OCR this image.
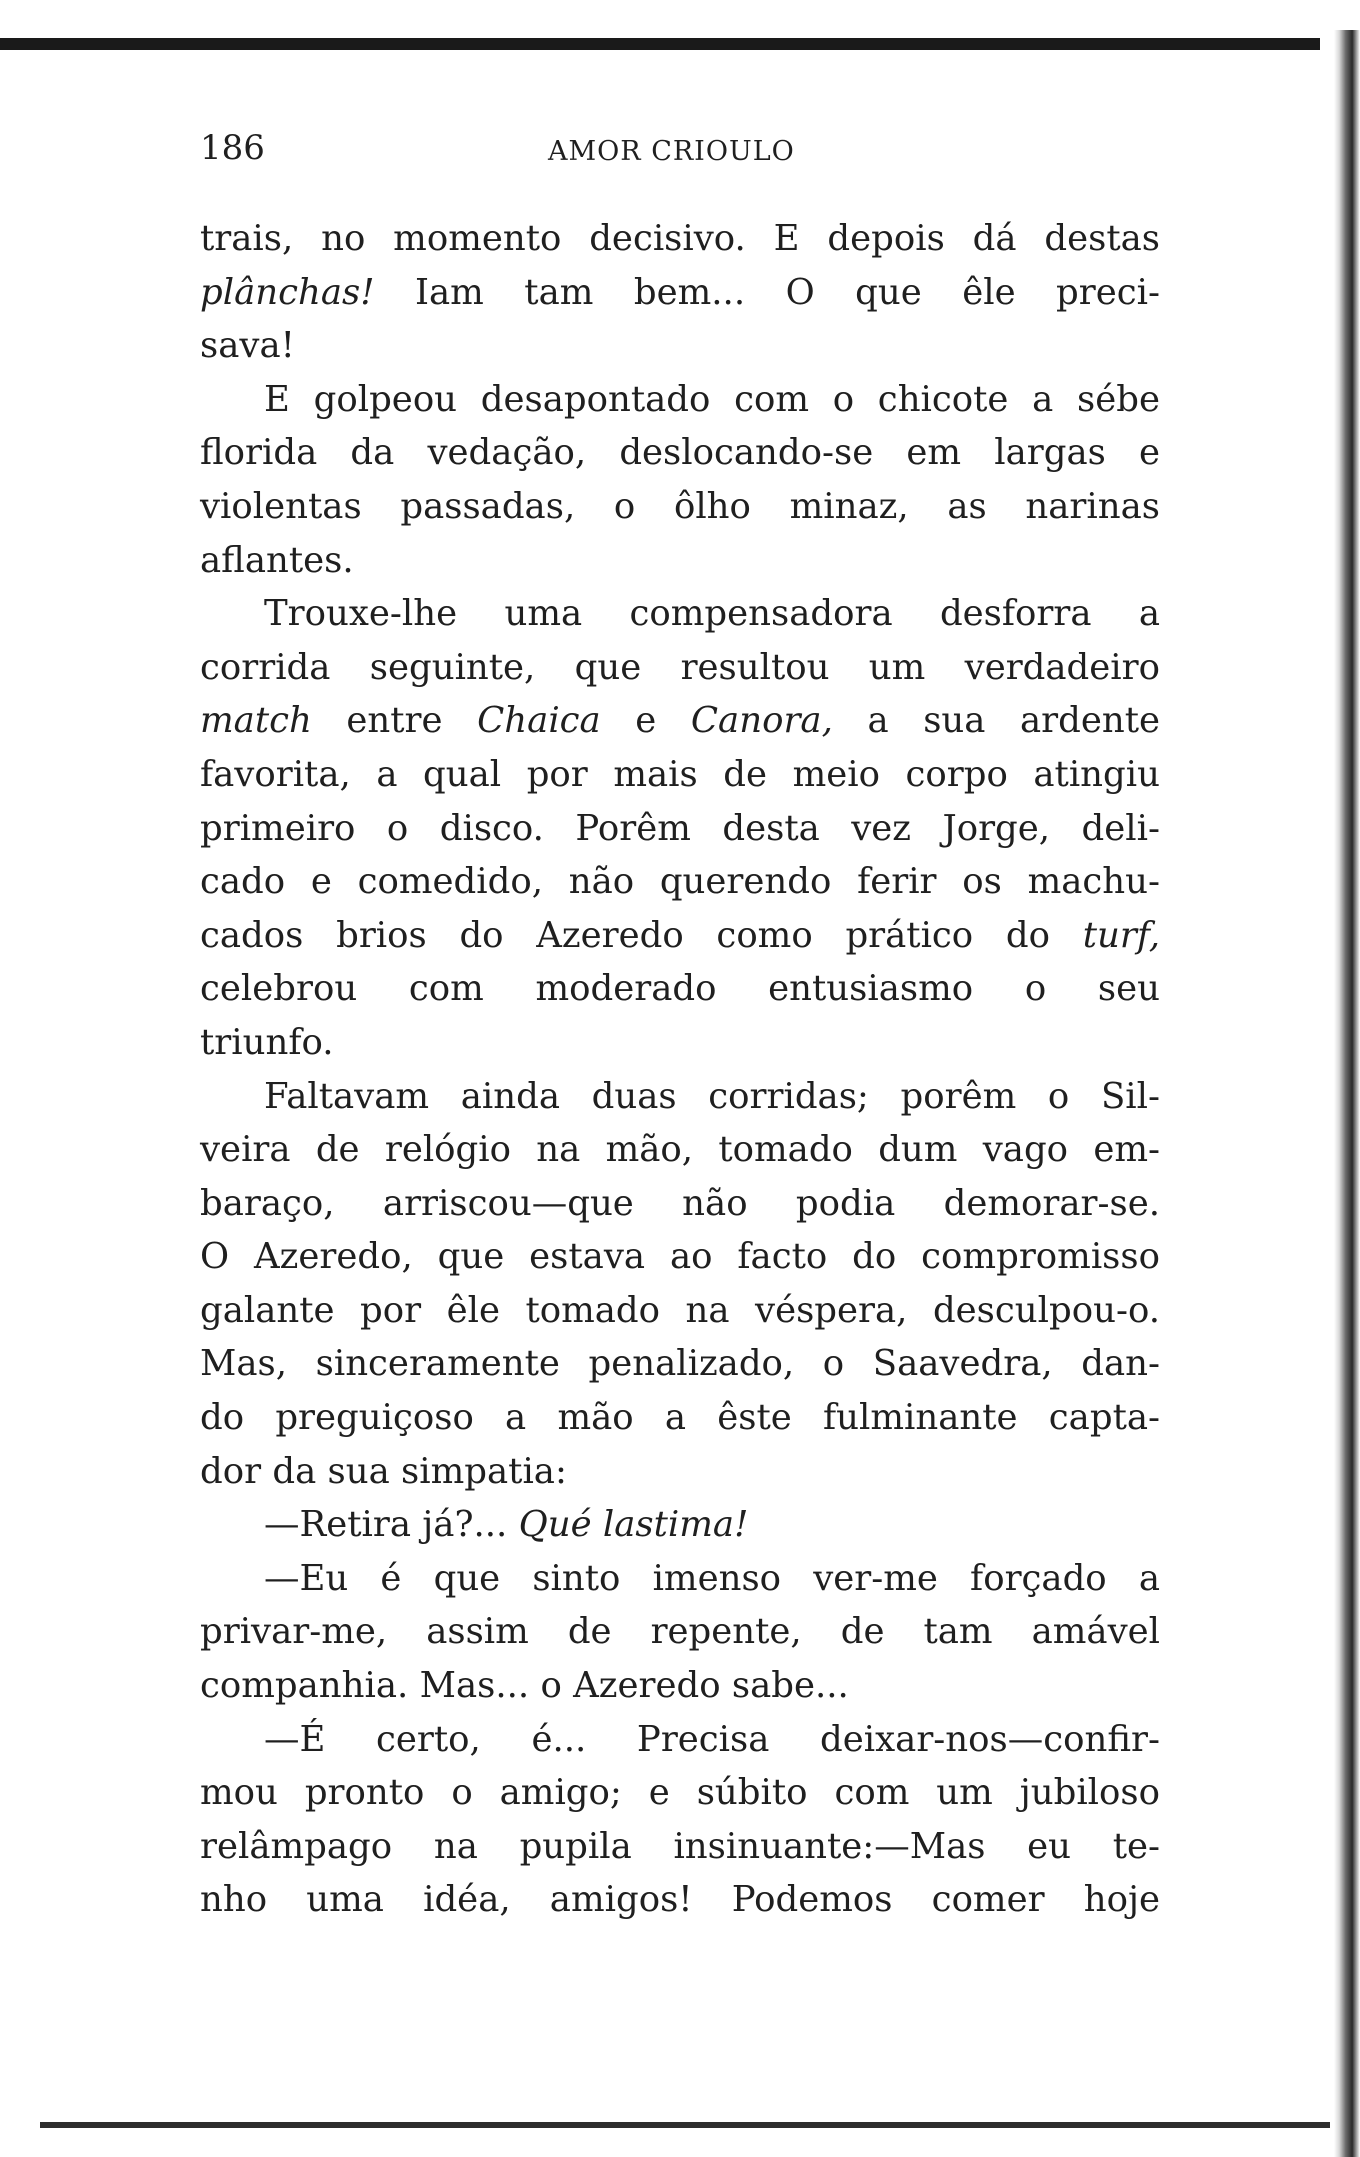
186	AMOR CRIOULO
trais, no momento decisivo. E depois dá destas
plânchas! Iam tam bem... O que êle preci-
sava!
E golpeou desapontado com o chicote a sébe
florida da vedação, deslocando-se em largas e
violentas passadas, o ôlho minaz, as narinas
aflantes.
Trouxe-lhe uma compensadora desforra a
corrida seguinte, que resultou um verdadeiro
match entre Chaica e Canora, a sua ardente
favorita, a qual por mais de meio corpo atingiu
primeiro o disco. Porêm desta vez Jorge, deli-
cado e comedido, não querendo ferir os machu-
cados brios do Azeredo como prático do turf,
celebrou com moderado entusiasmo o seu
triunfo.
Faltavam ainda duas corridas; porêm o Sil-
veira de relógio na mão, tomado dum vago em-
baraço, arriscou—que não podia demorar-se.
O Azeredo, que estava ao facto do compromisso
galante por êle tomado na véspera, desculpou-o.
Mas, sinceramente penalizado, o Saavedra, dan-
do preguiçoso a mão a êste fulminante capta-
dor da sua simpatia:
—Retira já?... Qué lastima!
—Eu é que sinto imenso ver-me forçado a
privar-me, assim de repente, de tam amável
companhia. Mas... o Azeredo sabe...
—É certo, é... Precisa deixar-nos—confir-
mou pronto o amigo; e súbito com um jubiloso
relâmpago na pupila insinuante:—Mas eu te-
nho uma idéa, amigos! Podemos comer hoje
